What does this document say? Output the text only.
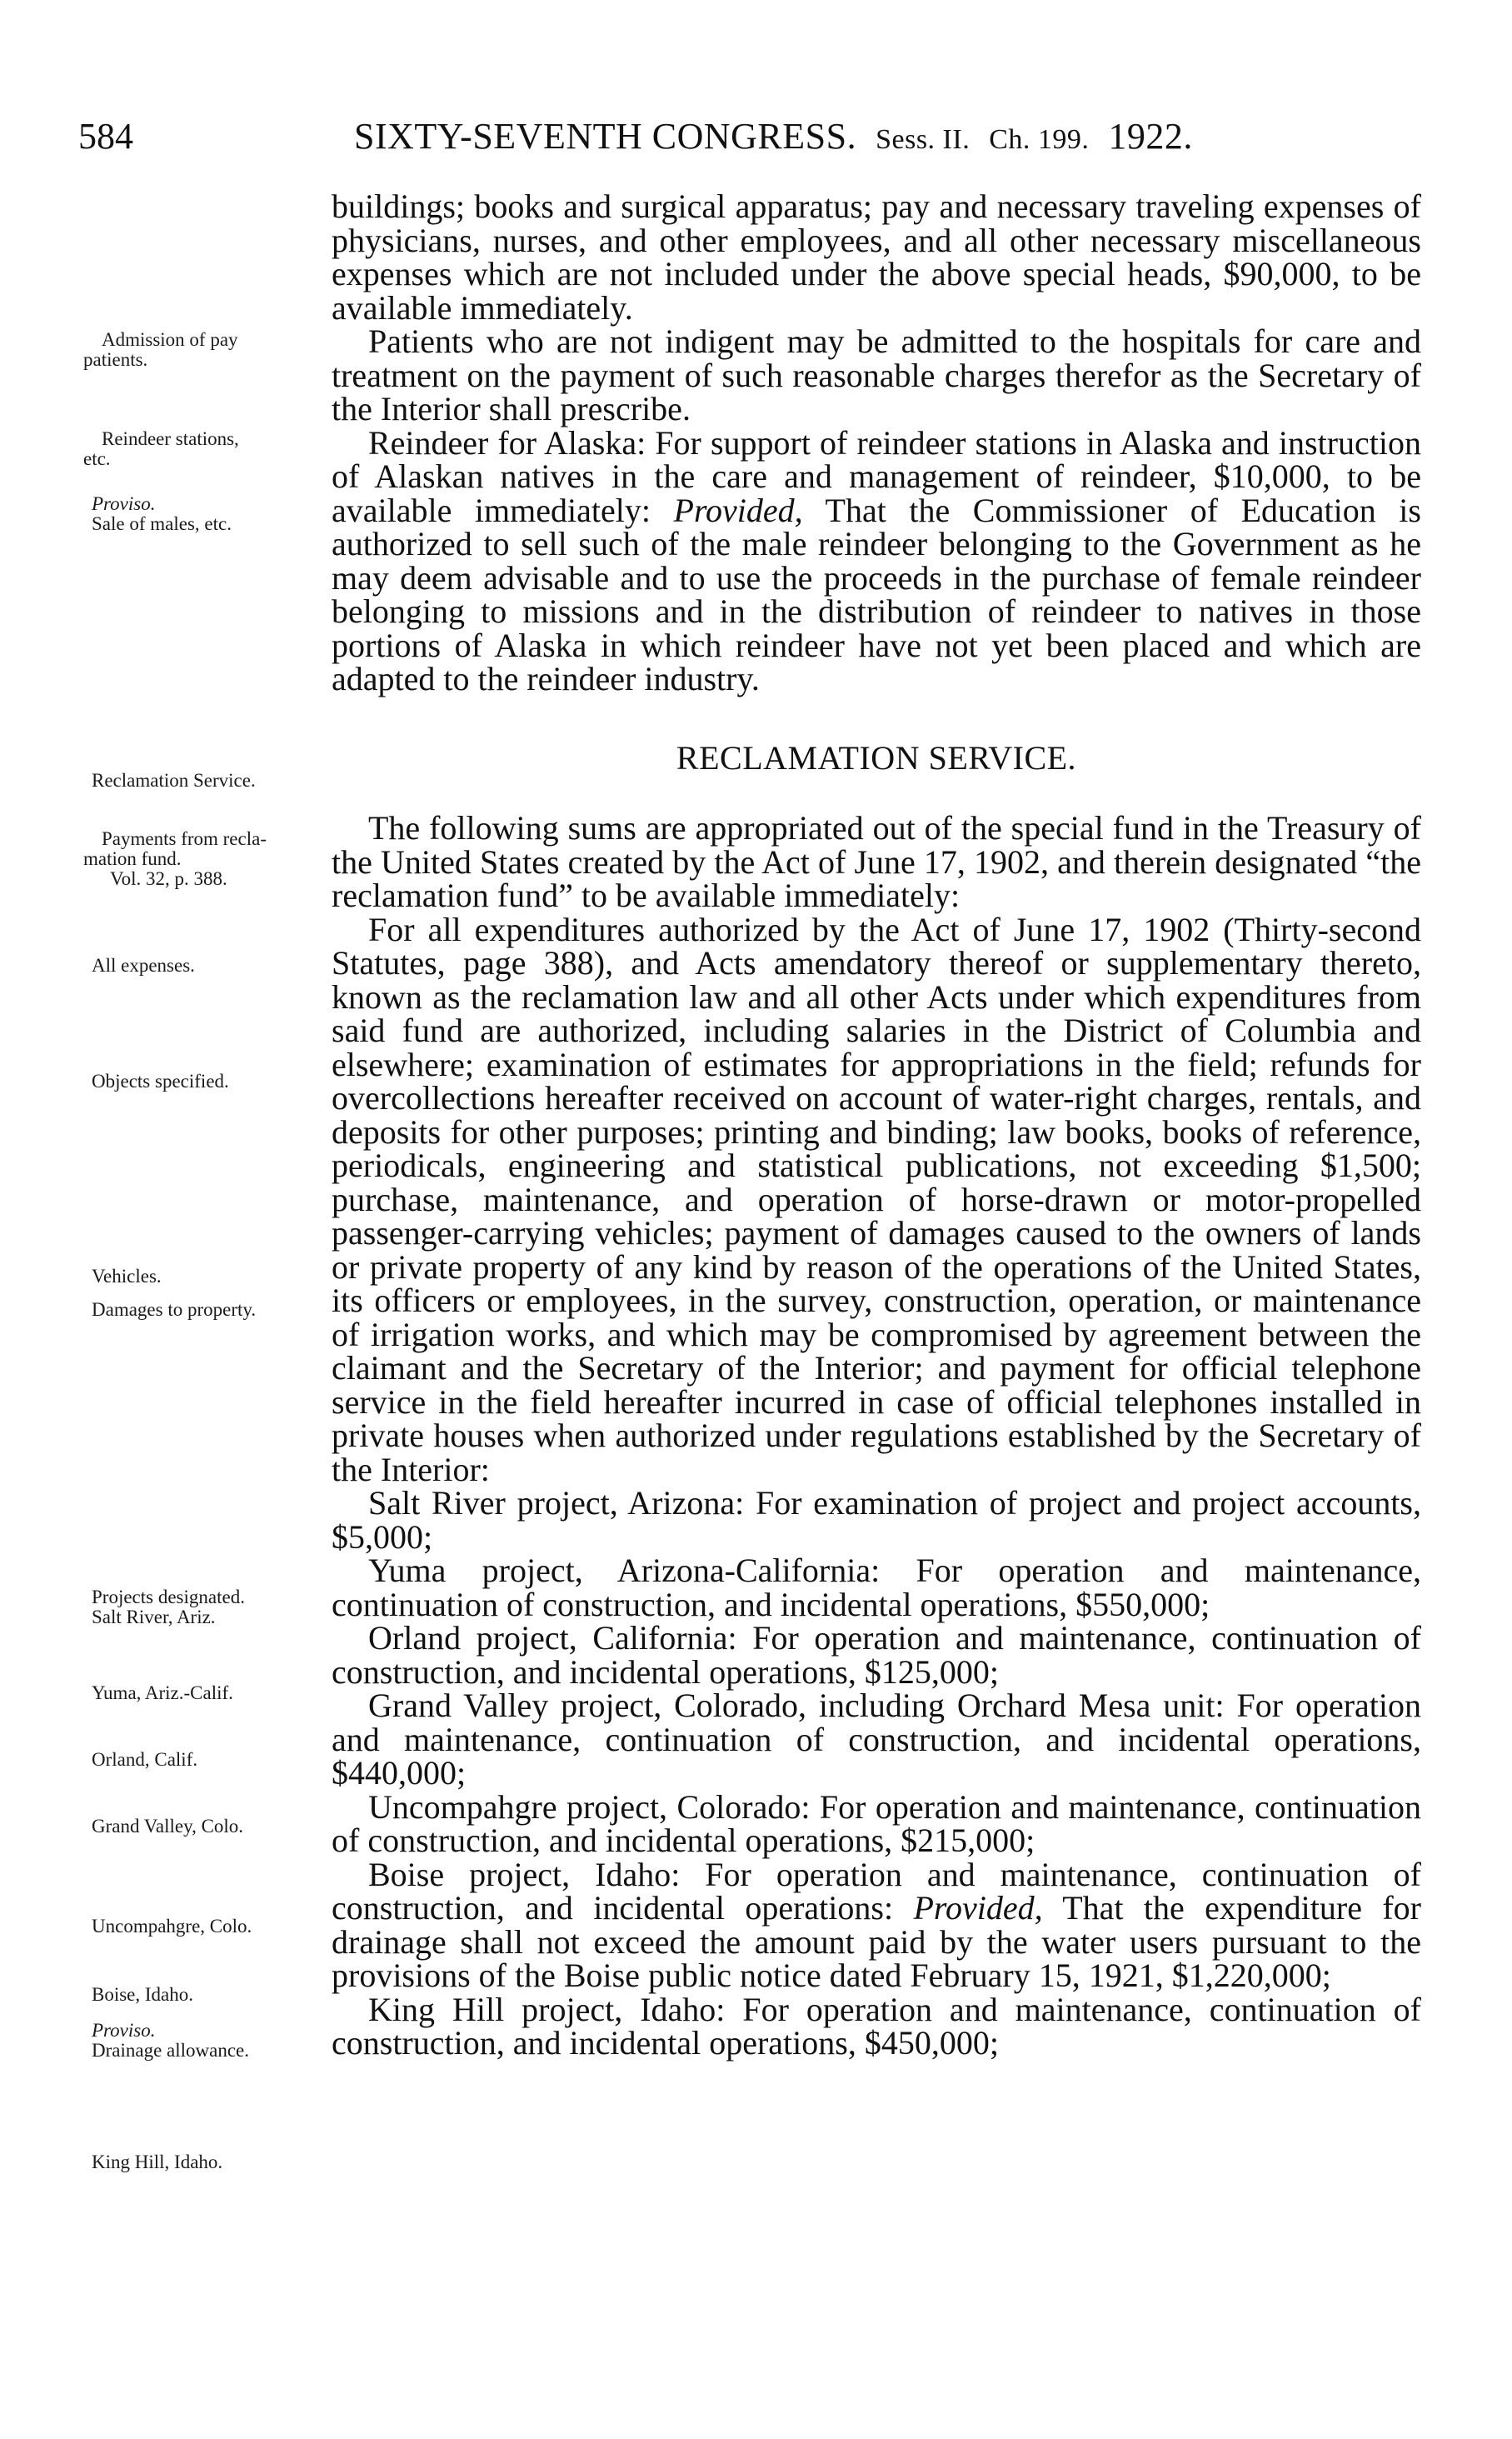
584	SIXTY-SEVENTH CONGRESS. Sess. II. Ch. 199. 1922.
Admission of pay
patients.
Reindeer stations,
etc.
Proviso.
Sale of males, etc.
Reclamation Service.
Payments from recla-
mation fund.
Vol. 32, p. 388.
All expenses.
Objects specified.
Vehicles.
Damages to property.
Projects designated.
Salt River, Ariz.
Yuma, Ariz.-Calif.
Orland, Calif.
Grand Valley, Colo.
Uncompahgre, Colo.
Boise, Idaho.
Proviso.
Drainage allowance.
King Hill, Idaho.

buildings; books and surgical apparatus; pay and necessary traveling expenses of physicians, nurses, and other employees, and all other necessary miscellaneous expenses which are not included under the above special heads, $90,000, to be available immediately.

Patients who are not indigent may be admitted to the hospitals for care and treatment on the payment of such reasonable charges therefor as the Secretary of the Interior shall prescribe.

Reindeer for Alaska: For support of reindeer stations in Alaska and instruction of Alaskan natives in the care and management of reindeer, $10,000, to be available immediately: Provided, That the Commissioner of Education is authorized to sell such of the male reindeer belonging to the Government as he may deem advisable and to use the proceeds in the purchase of female reindeer belonging to missions and in the distribution of reindeer to natives in those portions of Alaska in which reindeer have not yet been placed and which are adapted to the reindeer industry.

RECLAMATION SERVICE.

The following sums are appropriated out of the special fund in the Treasury of the United States created by the Act of June 17, 1902, and therein designated “the reclamation fund” to be available immediately:

For all expenditures authorized by the Act of June 17, 1902 (Thirty-second Statutes, page 388), and Acts amendatory thereof or supplementary thereto, known as the reclamation law and all other Acts under which expenditures from said fund are authorized, including salaries in the District of Columbia and elsewhere; examination of estimates for appropriations in the field; refunds for overcollections hereafter received on account of water-right charges, rentals, and deposits for other purposes; printing and binding; law books, books of reference, periodicals, engineering and statistical publications, not exceeding $1,500; purchase, maintenance, and operation of horse-drawn or motor-propelled passenger-carrying vehicles; payment of damages caused to the owners of lands or private property of any kind by reason of the operations of the United States, its officers or employees, in the survey, construction, operation, or maintenance of irrigation works, and which may be compromised by agreement between the claimant and the Secretary of the Interior; and payment for official telephone service in the field hereafter incurred in case of official telephones installed in private houses when authorized under regulations established by the Secretary of the Interior:

Salt River project, Arizona: For examination of project and project accounts, $5,000;

Yuma project, Arizona-California: For operation and maintenance, continuation of construction, and incidental operations, $550,000;

Orland project, California: For operation and maintenance, continuation of construction, and incidental operations, $125,000;

Grand Valley project, Colorado, including Orchard Mesa unit: For operation and maintenance, continuation of construction, and incidental operations, $440,000;

Uncompahgre project, Colorado: For operation and maintenance, continuation of construction, and incidental operations, $215,000;

Boise project, Idaho: For operation and maintenance, continuation of construction, and incidental operations: Provided, That the expenditure for drainage shall not exceed the amount paid by the water users pursuant to the provisions of the Boise public notice dated February 15, 1921, $1,220,000;

King Hill project, Idaho: For operation and maintenance, continuation of construction, and incidental operations, $450,000;
